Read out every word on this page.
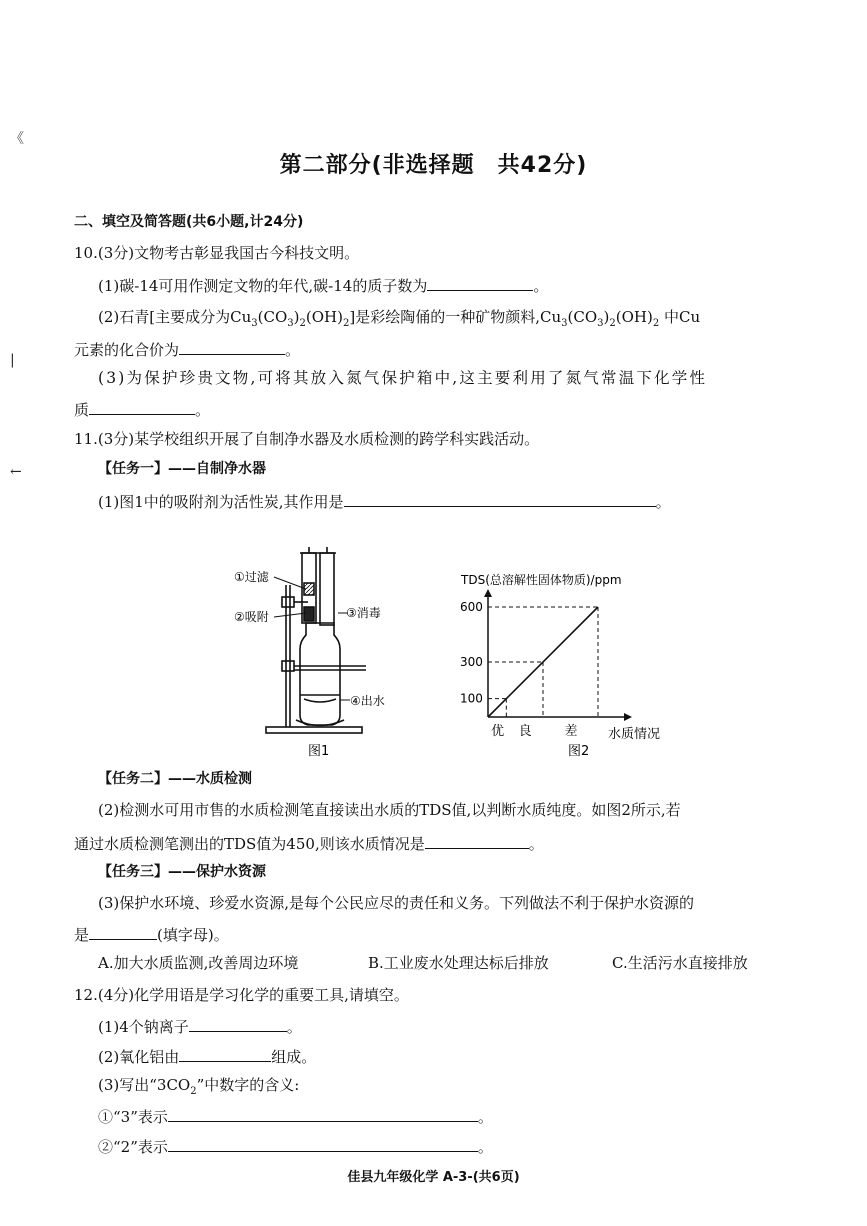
《
|
←
第二部分(非选择题　共42分)
二、填空及简答题(共6小题,计24分)
10.(3分)文物考古彰显我国古今科技文明。
(1)碳-14可用作测定文物的年代,碳-14的质子数为	。
(2)石青[主要成分为$Cu_3(CO_3)_2(OH)_2$]是彩绘陶俑的一种矿物颜料$,Cu_3(CO_3)_2(OH)_2$ 中Cu
元素的化合价为	。
(3)为保护珍贵文物,可将其放入氮气保护箱中,这主要利用了氮气常温下化学性
质	。
11.(3分)某学校组织开展了自制净水器及水质检测的跨学科实践活动。
【任务一】——自制净水器
(1)图1中的吸附剂为活性炭,其作用是	。
①过滤
②吸附	③消毒
④出水
图1
TDS(总溶解性固体物质)/ppm
100
300
600
优 良	差 水质情况
图2
【任务二】——水质检测
(2)检测水可用市售的水质检测笔直接读出水质的TDS值,以判断水质纯度。如图2所示,若
通过水质检测笔测出的TDS值为450,则该水质情况是	。
【任务三】——保护水资源
(3)保护水环境、珍爱水资源,是每个公民应尽的责任和义务。下列做法不利于保护水资源的
是	(填字母)。
A.加大水质监测,改善周边环境	B.工业废水处理达标后排放	C.生活污水直接排放
12.(4分)化学用语是学习化学的重要工具,请填空。
(1)4个钠离子	。
(2)氧化铝由	组成。
(3)写出“$3CO_2$”中数字的含义:
①“3”表示	。
②“2”表示	。
佳县九年级化学 A-3-(共6页)
